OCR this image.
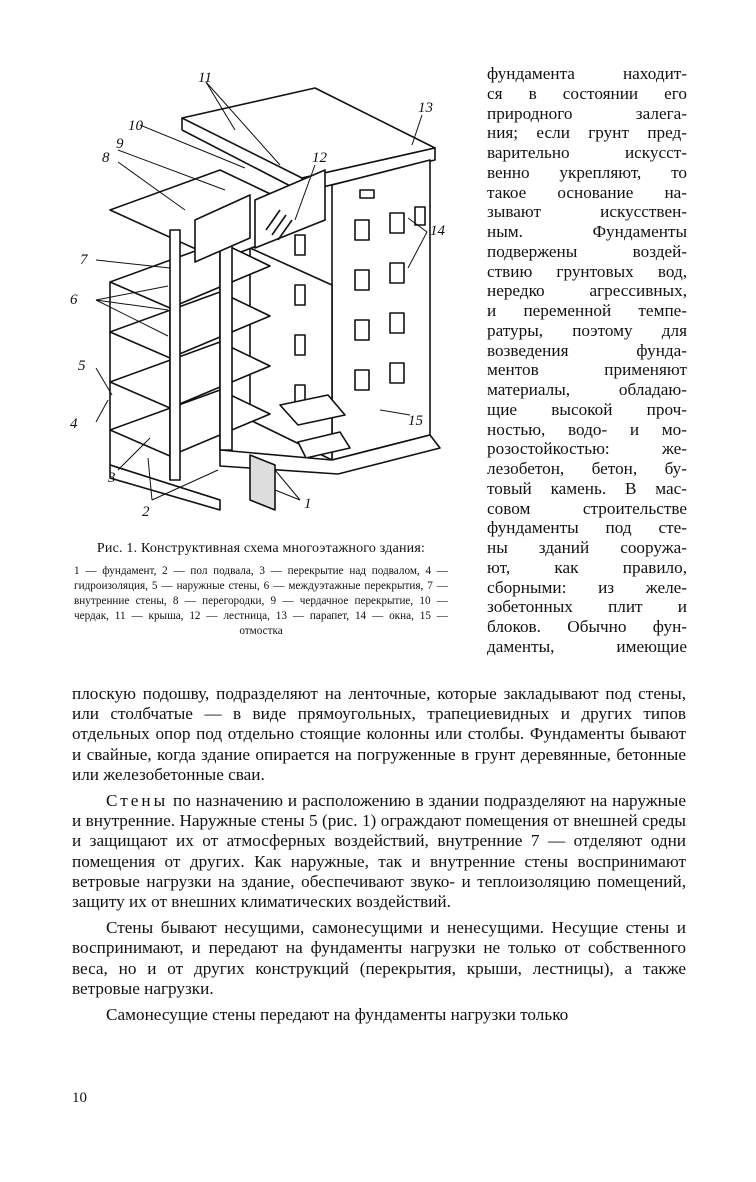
11
13
10
9
8	12
14
7
6
5
4
3
2	1
15
Рис. 1. Конструктивная схема многоэтажного здания:
1 — фундамент, 2 — пол подвала, 3 — перекрытие над подвалом, 4 — гидроизоляция, 5 — наружные стены, 6 — междуэтажные перекрытия, 7 — внутренние стены, 8 — перегородки, 9 — чердачное перекрытие, 10 — чердак, 11 — крыша, 12 — лестница, 13 — парапет, 14 — окна, 15 — отмостка
фундамента находит-
ся в состоянии его
природного залега-
ния; если грунт пред-
варительно искусст-
венно укрепляют, то
такое основание на-
зывают искусствен-
ным. Фундаменты
подвержены воздей-
ствию грунтовых вод,
нередко агрессивных,
и переменной темпе-
ратуры, поэтому для
возведения фунда-
ментов применяют
материалы, обладаю-
щие высокой проч-
ностью, водо- и мо-
розостойкостью: же-
лезобетон, бетон, бу-
товый камень. В мас-
совом строительстве
фундаменты под сте-
ны зданий сооружа-
ют, как правило,
сборными: из желе-
зобетонных плит и
блоков. Обычно фун-
даменты, имеющие

плоскую подошву, подразделяют на ленточные, которые закладывают под стены, или столбчатые — в виде прямоугольных, трапециевидных и других типов отдельных опор под отдельно стоящие колонны или столбы. Фундаменты бывают и свайные, когда здание опирается на погруженные в грунт деревянные, бетонные или железобетонные сваи.

Стены по назначению и расположению в здании подразделяют на наружные и внутренние. Наружные стены 5 (рис. 1) ограждают помещения от внешней среды и защищают их от атмосферных воздействий, внутренние 7 — отделяют одни помещения от других. Как наружные, так и внутренние стены воспринимают ветровые нагрузки на здание, обеспечивают звуко- и теплоизоляцию помещений, защиту их от внешних климатических воздействий.

Стены бывают несущими, самонесущими и ненесущими. Несущие стены и воспринимают, и передают на фундаменты нагрузки не только от собственного веса, но и от других конструкций (перекрытия, крыши, лестницы), а также ветровые нагрузки.

Самонесущие стены передают на фундаменты нагрузки только

10
